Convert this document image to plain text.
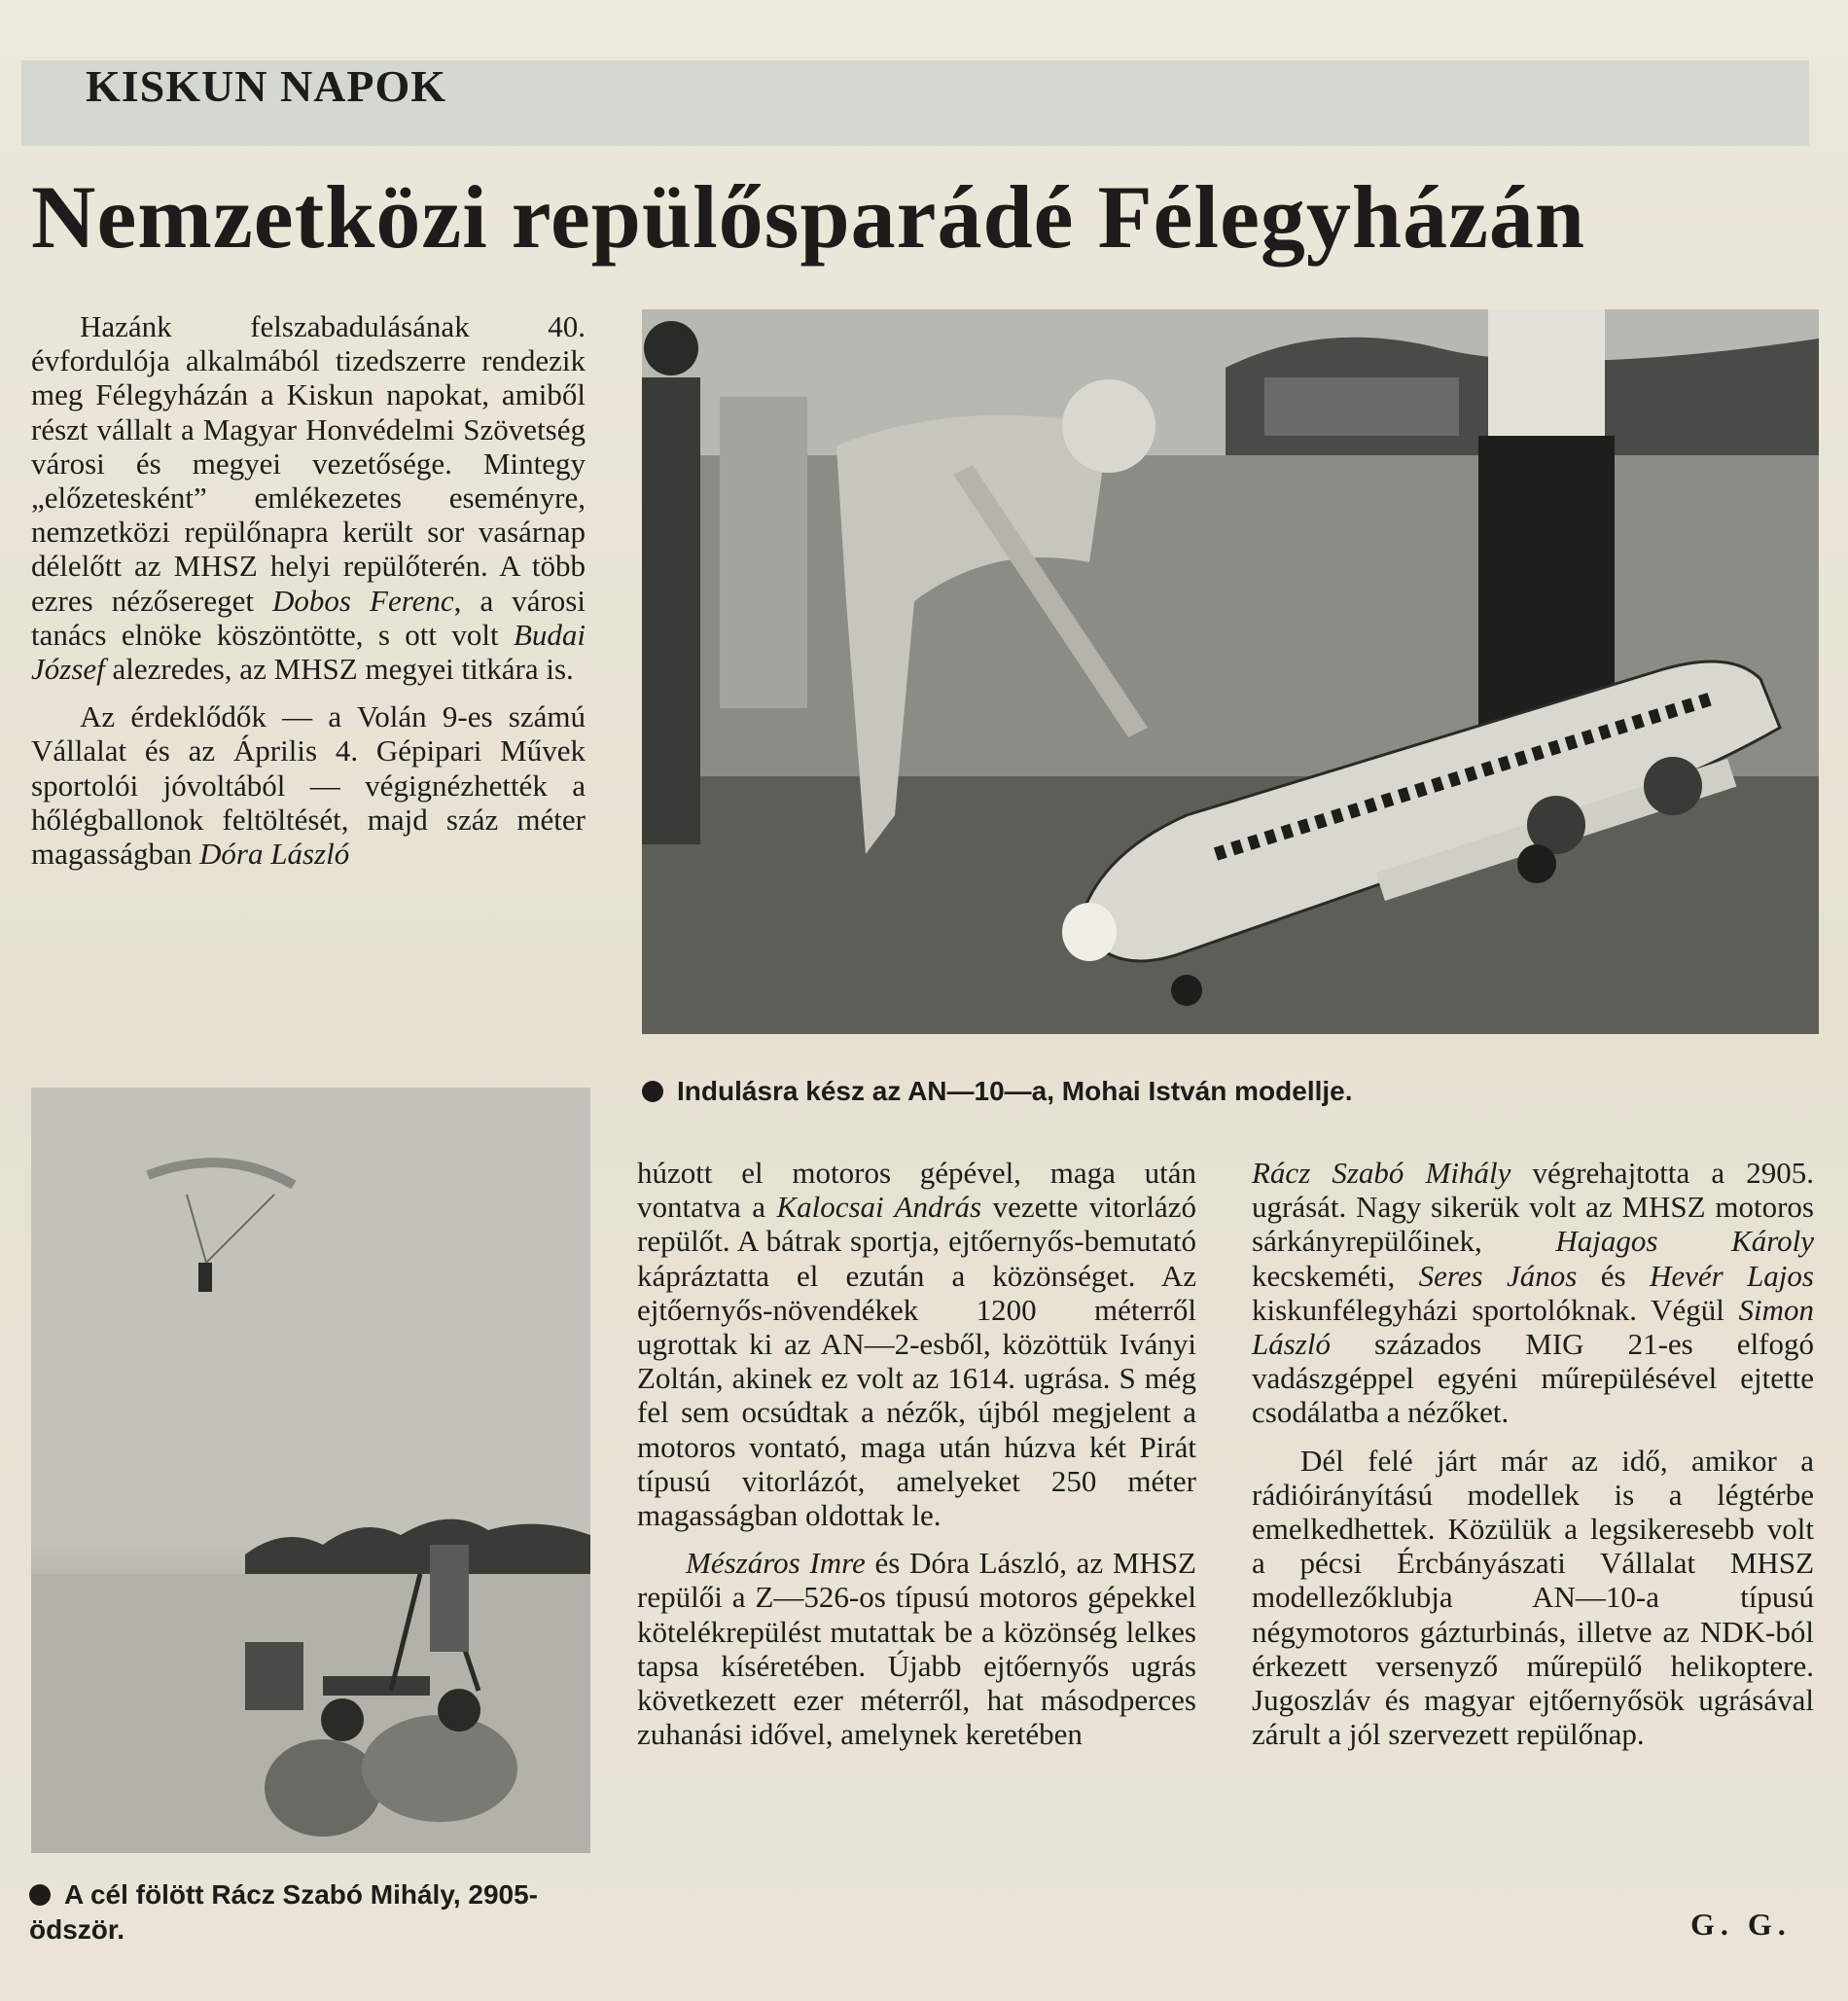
KISKUN NAPOK
Nemzetközi repülősparádé Félegyházán

Hazánk felszabadulásának 40. évfordulója alkalmából tizedszerre rendezik meg Félegyházán a Kiskun napokat, amiből részt vállalt a Magyar Honvédelmi Szövetség városi és megyei vezetősége. Mintegy „előzetesként” emlékezetes eseményre, nemzetközi repülőnapra került sor vasárnap délelőtt az MHSZ helyi repülőterén. A több ezres nézősereget Dobos Ferenc, a városi tanács elnöke köszöntötte, s ott volt Budai József alezredes, az MHSZ megyei titkára is.

Az érdeklődők — a Volán 9-es számú Vállalat és az Április 4. Gépipari Művek sportolói jóvoltából — végignézhették a hőlégballonok feltöltését, majd száz méter magasságban Dóra László

Indulásra kész az AN—10—a, Mohai István modellje.
A cél fölött Rácz Szabó Mihály, 2905-ödször.

húzott el motoros gépével, maga után vontatva a Kalocsai András vezette vitorlázó repülőt. A bátrak sportja, ejtőernyős-bemutató kápráztatta el ezután a közönséget. Az ejtőernyős-növendékek 1200 méterről ugrottak ki az AN—2-esből, közöttük Iványi Zoltán, akinek ez volt az 1614. ugrása. S még fel sem ocsúdtak a nézők, újból megjelent a motoros vontató, maga után húzva két Pirát típusú vitorlázót, amelyeket 250 méter magasságban oldottak le.

Mészáros Imre és Dóra László, az MHSZ repülői a Z—526-os típusú motoros gépekkel kötelékrepülést mutattak be a közönség lelkes tapsa kíséretében. Újabb ejtőernyős ugrás következett ezer méterről, hat másodperces zuhanási idővel, amelynek keretében

Rácz Szabó Mihály végrehajtotta a 2905. ugrását. Nagy sikerük volt az MHSZ motoros sárkányrepülőinek, Hajagos Károly kecskeméti, Seres János és Hevér Lajos kiskunfélegyházi sportolóknak. Végül Simon László százados MIG 21-es elfogó vadászgéppel egyéni műrepülésével ejtette csodálatba a nézőket.

Dél felé járt már az idő, amikor a rádióirányítású modellek is a légtérbe emelkedhettek. Közülük a legsikeresebb volt a pécsi Ércbányászati Vállalat MHSZ modellezőklubja AN—10-a típusú négymotoros gázturbinás, illetve az NDK-ból érkezett versenyző műrepülő helikoptere. Jugoszláv és magyar ejtőernyősök ugrásával zárult a jól szervezett repülőnap.

G. G.
